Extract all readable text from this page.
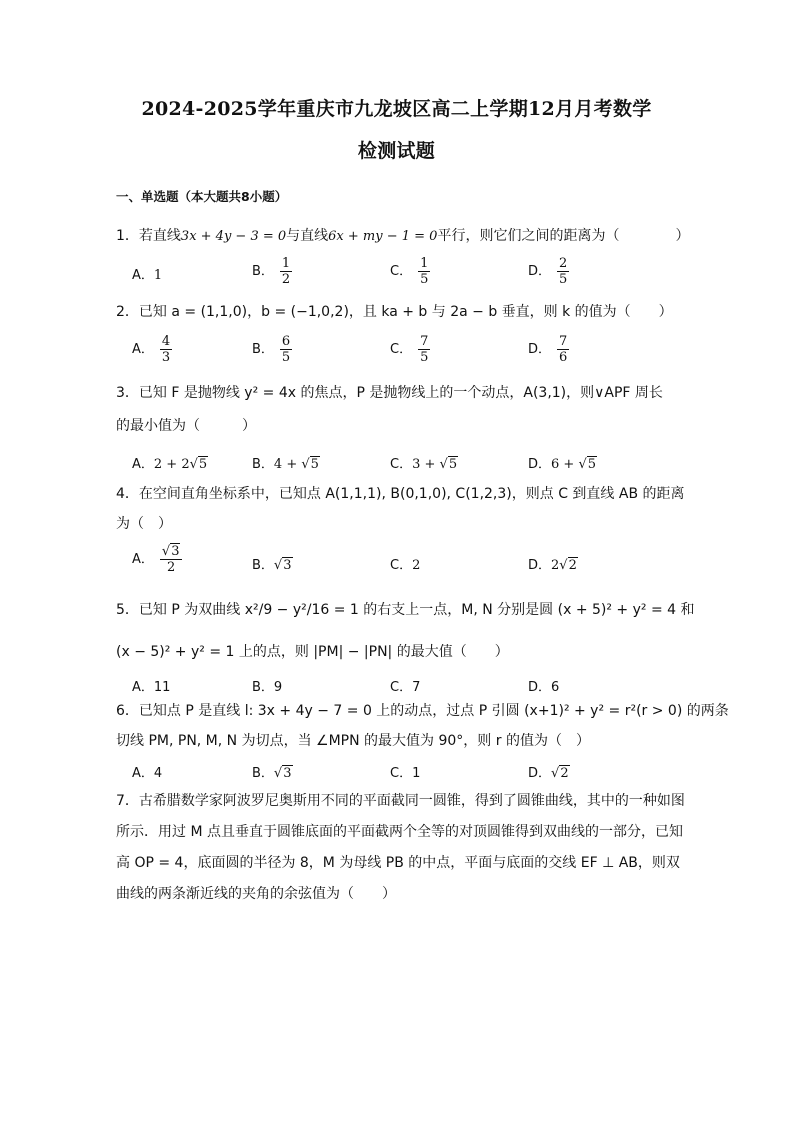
2024-2025学年重庆市九龙坡区高二上学期12月月考数学
检测试题
一、单选题（本大题共8小题）
1．若直线3x + 4y − 3 = 0与直线6x + my − 1 = 0平行，则它们之间的距离为（　　　　）
A．1	B． $\frac{1}{2}$	C． $\frac{1}{5}$	D． $\frac{2}{5}$
2．已知 a = (1,1,0)，b = (−1,0,2)，且 ka + b 与 2a − b 垂直，则 k 的值为（　　）
A． $\frac{4}{3}$	B． $\frac{6}{5}$	C． $\frac{7}{5}$	D． $\frac{7}{6}$
3．已知 F 是抛物线 y² = 4x 的焦点，P 是抛物线上的一个动点，A(3,1)，则∨APF 周长
的最小值为（　　　）
A．2 + 2√5	B．4 + √5	C．3 + √5	D．6 + √5
4．在空间直角坐标系中，已知点 A(1,1,1), B(0,1,0), C(1,2,3)，则点 C 到直线 AB 的距离
为（　）
A． $\frac{√3}{2}$	B．√3	C．2	D．2√2
5．已知 P 为双曲线 x²/9 − y²/16 = 1 的右支上一点，M, N 分别是圆 (x + 5)² + y² = 4 和
(x − 5)² + y² = 1 上的点，则 |PM| − |PN| 的最大值（　　）
A．11	B．9	C．7	D．6
6．已知点 P 是直线 l: 3x + 4y − 7 = 0 上的动点，过点 P 引圆 (x+1)² + y² = r²(r > 0) 的两条
切线 PM, PN, M, N 为切点，当 ∠MPN 的最大值为 90°，则 r 的值为（　）
A．4	B．√3	C．1	D．√2
7．古希腊数学家阿波罗尼奥斯用不同的平面截同一圆锥，得到了圆锥曲线，其中的一种如图所示．用过 M 点且垂直于圆锥底面的平面截两个全等的对顶圆锥得到双曲线的一部分，已知高 OP = 4，底面圆的半径为 8，M 为母线 PB 的中点，平面与底面的交线 EF ⊥ AB，则双曲线的两条渐近线的夹角的余弦值为（　　）
